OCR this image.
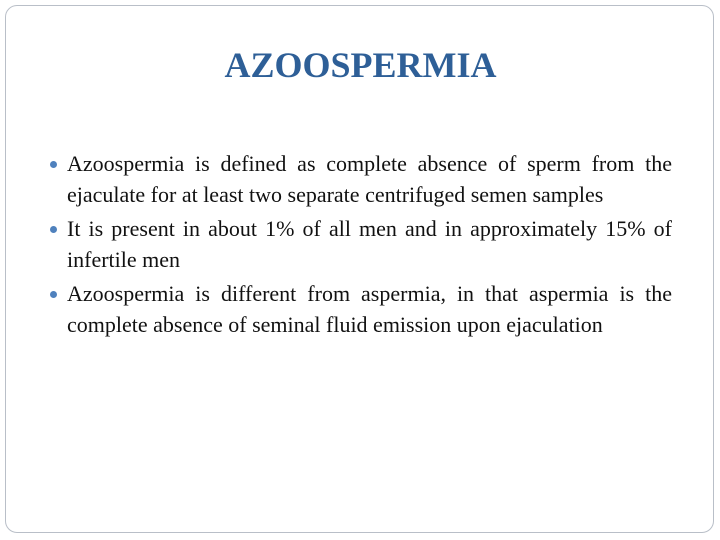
AZOOSPERMIA
Azoospermia is defined as complete absence of sperm from the ejaculate for at least two separate centrifuged semen samples
It is present in about 1% of all men and in approximately 15% of infertile men
Azoospermia is different from aspermia, in that aspermia is the complete absence of seminal fluid emission upon ejaculation
